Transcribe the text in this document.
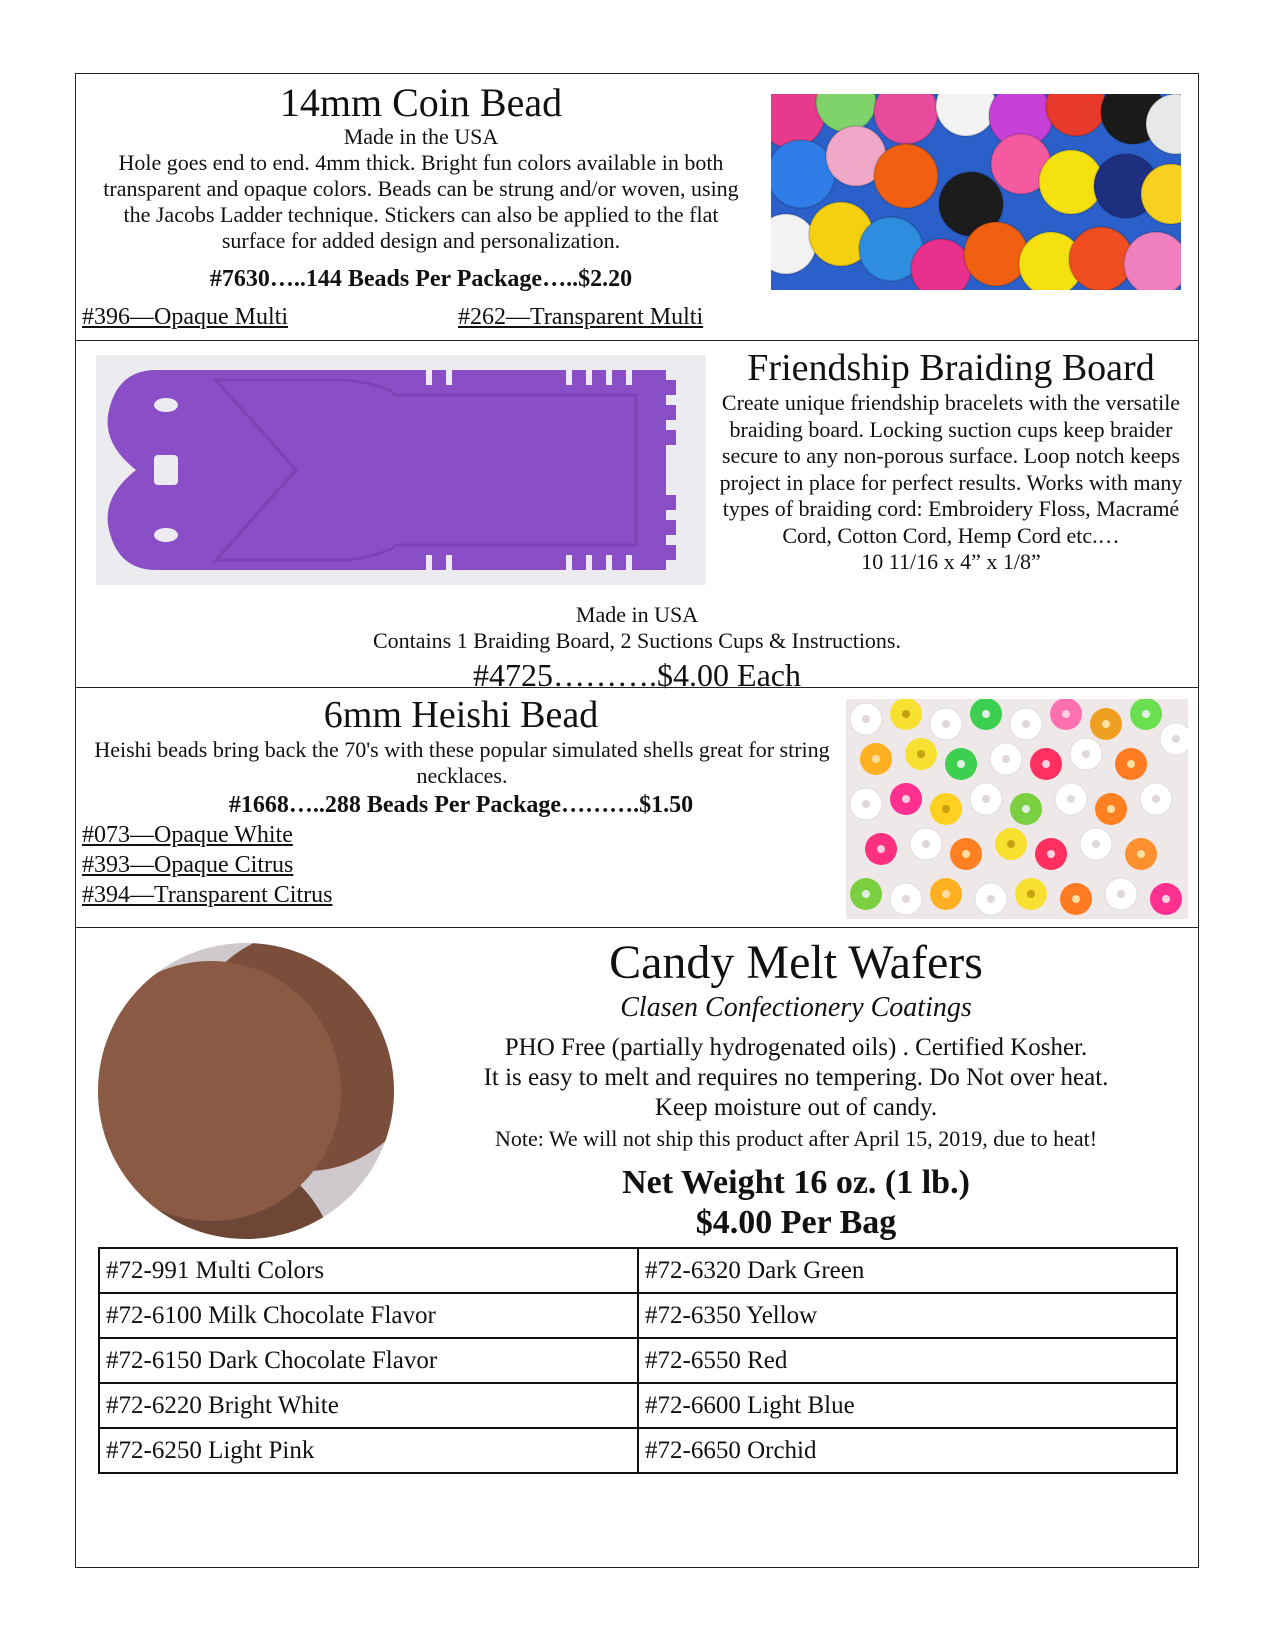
14mm Coin Bead
Made in the USA
Hole goes end to end. 4mm thick. Bright fun colors available in both transparent and opaque colors. Beads can be strung and/or woven, using the Jacobs Ladder technique. Stickers can also be applied to the flat surface for added design and personalization.
#7630…..144 Beads Per Package…..$2.20
#396—Opaque Multi	#262—Transparent Multi
Friendship Braiding Board
Create unique friendship bracelets with the versatile braiding board. Locking suction cups keep braider secure to any non-porous surface. Loop notch keeps project in place for perfect results. Works with many types of braiding cord: Embroidery Floss, Macramé Cord, Cotton Cord, Hemp Cord etc.…
10 11/16 x 4” x 1/8”
Made in USA
Contains 1 Braiding Board, 2 Suctions Cups & Instructions.
#4725……….$4.00 Each
6mm Heishi Bead
Heishi beads bring back the 70's with these popular simulated shells great for string necklaces.
#1668…..288 Beads Per Package……….$1.50
#073—Opaque White
#393—Opaque Citrus
#394—Transparent Citrus
Candy Melt Wafers
Clasen Confectionery Coatings
PHO Free (partially hydrogenated oils) . Certified Kosher.
It is easy to melt and requires no tempering. Do Not over heat.
Keep moisture out of candy.
Note: We will not ship this product after April 15, 2019, due to heat!
Net Weight 16 oz. (1 lb.)
$4.00 Per Bag
#72-991 Multi Colors	#72-6320 Dark Green
#72-6100 Milk Chocolate Flavor	#72-6350 Yellow
#72-6150 Dark Chocolate Flavor	#72-6550 Red
#72-6220 Bright White	#72-6600 Light Blue
#72-6250 Light Pink	#72-6650 Orchid
